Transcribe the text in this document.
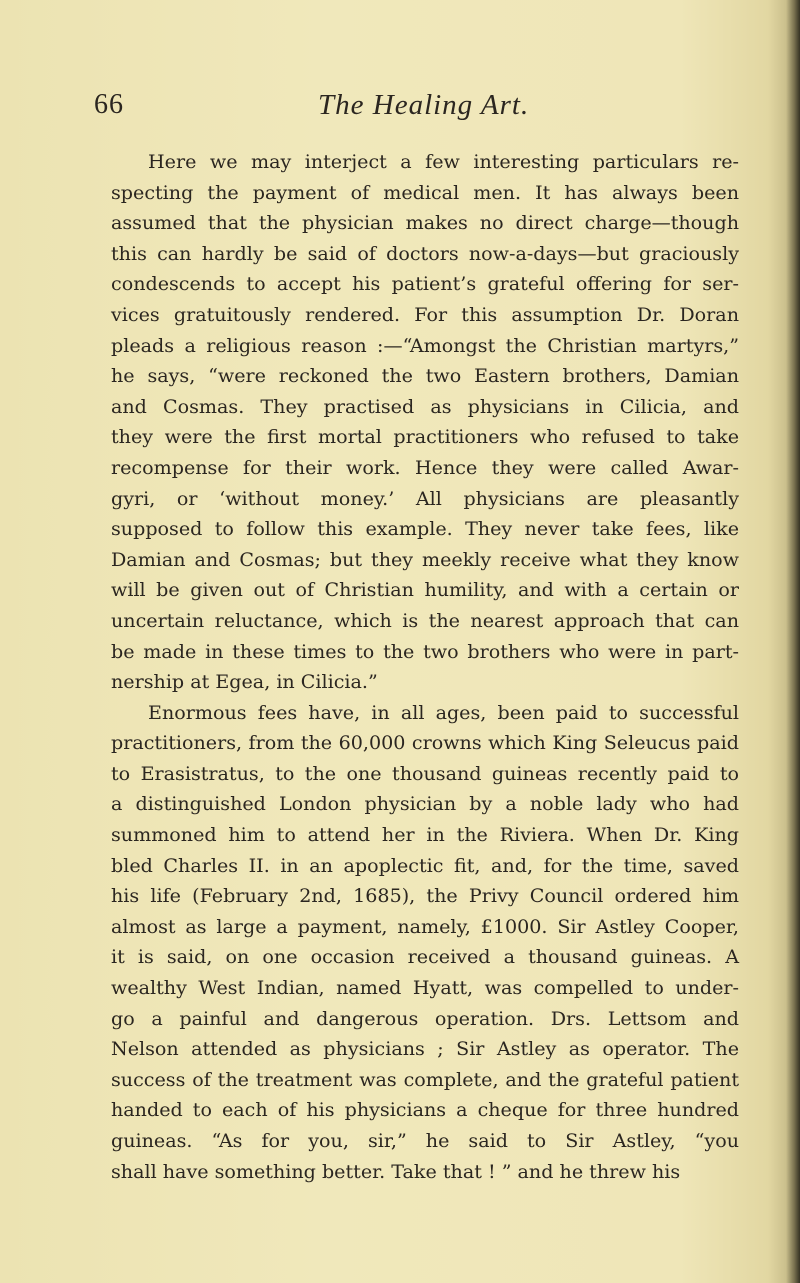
66	The Healing Art.
Here we may interject a few interesting particulars re-
specting the payment of medical men. It has always been
assumed that the physician makes no direct charge—though
this can hardly be said of doctors now-a-days—but graciously
condescends to accept his patient’s grateful offering for ser-
vices gratuitously rendered. For this assumption Dr. Doran
pleads a religious reason :—“Amongst the Christian martyrs,”
he says, “were reckoned the two Eastern brothers, Damian
and Cosmas. They practised as physicians in Cilicia, and
they were the first mortal practitioners who refused to take
recompense for their work. Hence they were called Awar-
gyri, or ‘without money.’ All physicians are pleasantly
supposed to follow this example. They never take fees, like
Damian and Cosmas; but they meekly receive what they know
will be given out of Christian humility, and with a certain or
uncertain reluctance, which is the nearest approach that can
be made in these times to the two brothers who were in part-
nership at Egea, in Cilicia.”
Enormous fees have, in all ages, been paid to successful
practitioners, from the 60,000 crowns which King Seleucus paid
to Erasistratus, to the one thousand guineas recently paid to
a distinguished London physician by a noble lady who had
summoned him to attend her in the Riviera. When Dr. King
bled Charles II. in an apoplectic fit, and, for the time, saved
his life (February 2nd, 1685), the Privy Council ordered him
almost as large a payment, namely, £1000. Sir Astley Cooper,
it is said, on one occasion received a thousand guineas. A
wealthy West Indian, named Hyatt, was compelled to under-
go a painful and dangerous operation. Drs. Lettsom and
Nelson attended as physicians ; Sir Astley as operator. The
success of the treatment was complete, and the grateful patient
handed to each of his physicians a cheque for three hundred
guineas. “As for you, sir,” he said to Sir Astley, “you
shall have something better. Take that ! ” and he threw his
